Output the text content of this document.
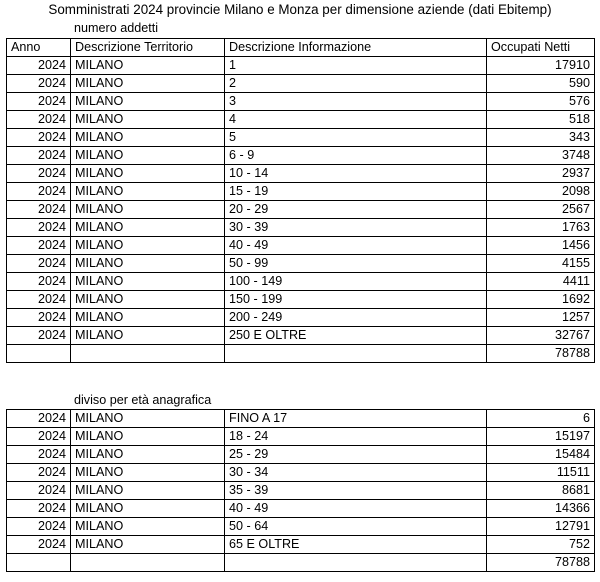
Somministrati 2024 provincie Milano e Monza per dimensione aziende (dati Ebitemp)
numero addetti
Anno	Descrizione Territorio	Descrizione Informazione	Occupati Netti
2024	MILANO	1	17910
2024	MILANO	2	590
2024	MILANO	3	576
2024	MILANO	4	518
2024	MILANO	5	343
2024	MILANO	6 - 9	3748
2024	MILANO	10 - 14	2937
2024	MILANO	15 - 19	2098
2024	MILANO	20 - 29	2567
2024	MILANO	30 - 39	1763
2024	MILANO	40 - 49	1456
2024	MILANO	50 - 99	4155
2024	MILANO	100 - 149	4411
2024	MILANO	150 - 199	1692
2024	MILANO	200 - 249	1257
2024	MILANO	250 E OLTRE	32767
			78788
diviso per età anagrafica
2024	MILANO	FINO A 17	6
2024	MILANO	18 - 24	15197
2024	MILANO	25 - 29	15484
2024	MILANO	30 - 34	11511
2024	MILANO	35 - 39	8681
2024	MILANO	40 - 49	14366
2024	MILANO	50 - 64	12791
2024	MILANO	65 E OLTRE	752
			78788
